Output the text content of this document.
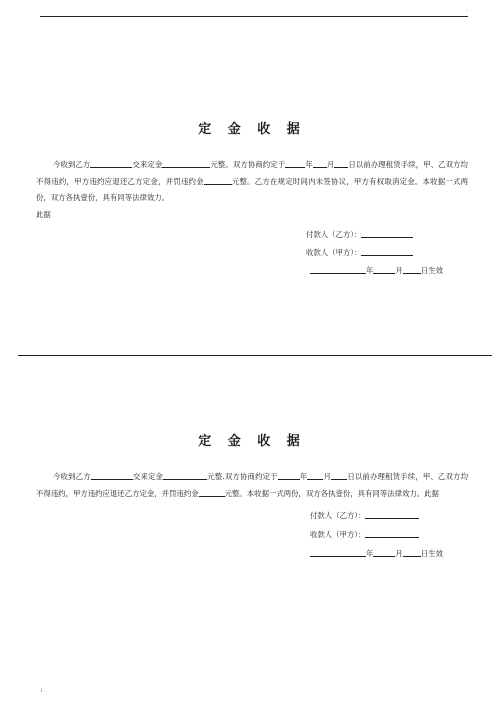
·
定 金 收 据

今收到乙方	交来定金	元整。双方协商约定于	年 月 日以前办理租赁手续，甲、乙双方均不得违约，甲方违约应退还乙方定金，并罚违约金	元整。乙方在规定时间内未签协议，甲方有权取消定金。本收据一式两份，双方各执壹份，具有同等法律效力。

此据

付款人（乙方）：
收款人（甲方）：
年	月 日生效
定 金 收 据

今收到乙方	交来定金	元整.双方协商约定于	年 月 日以前办理租赁手续，甲、乙双方均不得违约，甲方违约应退还乙方定金，并罚违约金	元整。本收据一式两份，双方各执壹份，具有同等法律效力。此据

付款人（乙方）：
收款人（甲方）：
年	月 日生效
1 .
